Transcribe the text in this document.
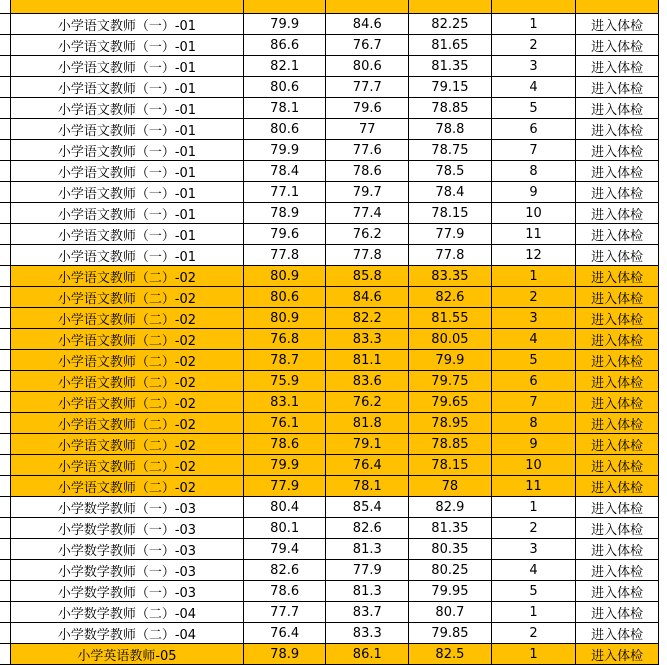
	小学语文教师（一）-01	79.9	84.6	82.25	1	进入体检
	小学语文教师（一）-01	86.6	76.7	81.65	2	进入体检
	小学语文教师（一）-01	82.1	80.6	81.35	3	进入体检
	小学语文教师（一）-01	80.6	77.7	79.15	4	进入体检
	小学语文教师（一）-01	78.1	79.6	78.85	5	进入体检
	小学语文教师（一）-01	80.6	77	78.8	6	进入体检
	小学语文教师（一）-01	79.9	77.6	78.75	7	进入体检
	小学语文教师（一）-01	78.4	78.6	78.5	8	进入体检
	小学语文教师（一）-01	77.1	79.7	78.4	9	进入体检
	小学语文教师（一）-01	78.9	77.4	78.15	10	进入体检
	小学语文教师（一）-01	79.6	76.2	77.9	11	进入体检
	小学语文教师（一）-01	77.8	77.8	77.8	12	进入体检
	小学语文教师（二）-02	80.9	85.8	83.35	1	进入体检
	小学语文教师（二）-02	80.6	84.6	82.6	2	进入体检
	小学语文教师（二）-02	80.9	82.2	81.55	3	进入体检
	小学语文教师（二）-02	76.8	83.3	80.05	4	进入体检
	小学语文教师（二）-02	78.7	81.1	79.9	5	进入体检
	小学语文教师（二）-02	75.9	83.6	79.75	6	进入体检
	小学语文教师（二）-02	83.1	76.2	79.65	7	进入体检
	小学语文教师（二）-02	76.1	81.8	78.95	8	进入体检
	小学语文教师（二）-02	78.6	79.1	78.85	9	进入体检
	小学语文教师（二）-02	79.9	76.4	78.15	10	进入体检
	小学语文教师（二）-02	77.9	78.1	78	11	进入体检
	小学数学教师（一）-03	80.4	85.4	82.9	1	进入体检
	小学数学教师（一）-03	80.1	82.6	81.35	2	进入体检
	小学数学教师（一）-03	79.4	81.3	80.35	3	进入体检
	小学数学教师（一）-03	82.6	77.9	80.25	4	进入体检
	小学数学教师（一）-03	78.6	81.3	79.95	5	进入体检
	小学数学教师（二）-04	77.7	83.7	80.7	1	进入体检
	小学数学教师（二）-04	76.4	83.3	79.85	2	进入体检
	小学英语教师-05	78.9	86.1	82.5	1	进入体检
